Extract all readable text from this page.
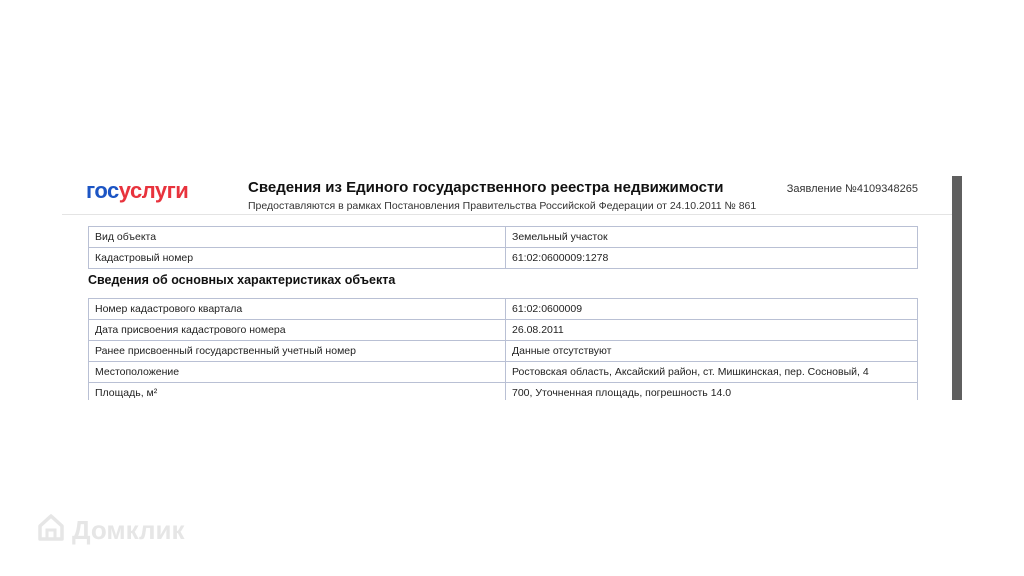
госуслуги	Сведения из Единого государственного реестра недвижимости
Предоставляются в рамках Постановления Правительства Российской Федерации от 24.10.2011 № 861
Заявление №4109348265
Вид объекта	Земельный участок
Кадастровый номер	61:02:0600009:1278
Сведения об основных характеристиках объекта
Номер кадастрового квартала	61:02:0600009
Дата присвоения кадастрового номера	26.08.2011
Ранее присвоенный государственный учетный номер	Данные отсутствуют
Местоположение	Ростовская область, Аксайский район, ст. Мишкинская, пер. Сосновый, 4
Площадь, м²	700, Уточненная площадь, погрешность 14.0
Домклик
